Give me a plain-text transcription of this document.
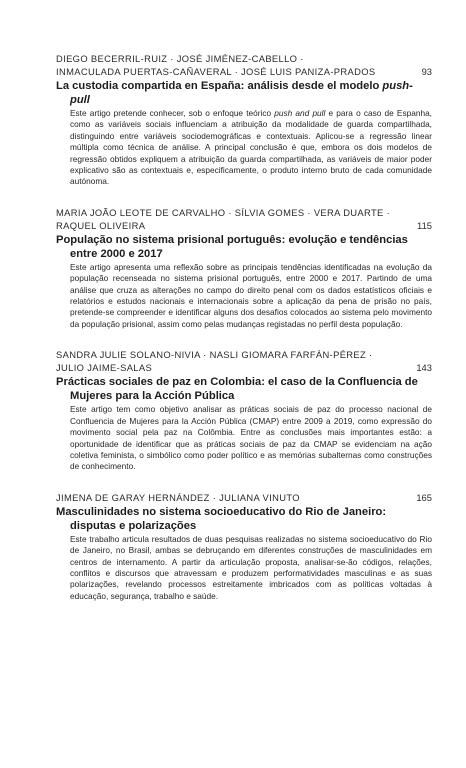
DIEGO BECERRIL-RUIZ · JOSÉ JIMÉNEZ-CABELLO ·
INMACULADA PUERTAS-CAÑAVERAL · JOSÉ LUIS PANIZA-PRADOS	93
La custodia compartida en España: análisis desde el modelo push-pull
Este artigo pretende conhecer, sob o enfoque teórico push and pull e para o caso de Espanha, como as variáveis sociais influenciam a atribuição da modalidade de guarda compartilhada, distinguindo entre variáveis sociodemográficas e contextuais. Aplicou-se a regressão linear múltipla como técnica de análise. A principal conclusão é que, embora os dois modelos de regressão obtidos expliquem a atribuição da guarda compartilhada, as variáveis de maior poder explicativo são as contextuais e, especificamente, o produto interno bruto de cada comunidade autónoma.
MARIA JOÃO LEOTE DE CARVALHO · SÍLVIA GOMES · VERA DUARTE ·
RAQUEL OLIVEIRA	115
População no sistema prisional português: evolução e tendências entre 2000 e 2017
Este artigo apresenta uma reflexão sobre as principais tendências identificadas na evolução da população recenseada no sistema prisional português, entre 2000 e 2017. Partindo de uma análise que cruza as alterações no campo do direito penal com os dados estatísticos oficiais e relatórios e estudos nacionais e internacionais sobre a aplicação da pena de prisão no país, pretende-se compreender e identificar alguns dos desafios colocados ao sistema pelo movimento da população prisional, assim como pelas mudanças registadas no perfil desta população.
SANDRA JULIE SOLANO-NIVIA · NASLI GIOMARA FARFÁN-PÉREZ ·
JULIO JAIME-SALAS	143
Prácticas sociales de paz en Colombia: el caso de la Confluencia de Mujeres para la Acción Pública
Este artigo tem como objetivo analisar as práticas sociais de paz do processo nacional de Confluencia de Mujeres para la Acción Pública (CMAP) entre 2009 a 2019, como expressão do movimento social pela paz na Colômbia. Entre as conclusões mais importantes estão: a oportunidade de identificar que as práticas sociais de paz da CMAP se evidenciam na ação coletiva feminista, o simbólico como poder político e as memórias subalternas como construções de conhecimento.
JIMENA DE GARAY HERNÁNDEZ · JULIANA VINUTO	165
Masculinidades no sistema socioeducativo do Rio de Janeiro: disputas e polarizações
Este trabalho articula resultados de duas pesquisas realizadas no sistema socioeducativo do Rio de Janeiro, no Brasil, ambas se debruçando em diferentes construções de masculinidades em centros de internamento. A partir da articulação proposta, analisar-se-ão códigos, relações, conflitos e discursos que atravessam e produzem performatividades masculinas e as suas polarizações, revelando processos estreitamente imbricados com as políticas voltadas à educação, segurança, trabalho e saúde.
